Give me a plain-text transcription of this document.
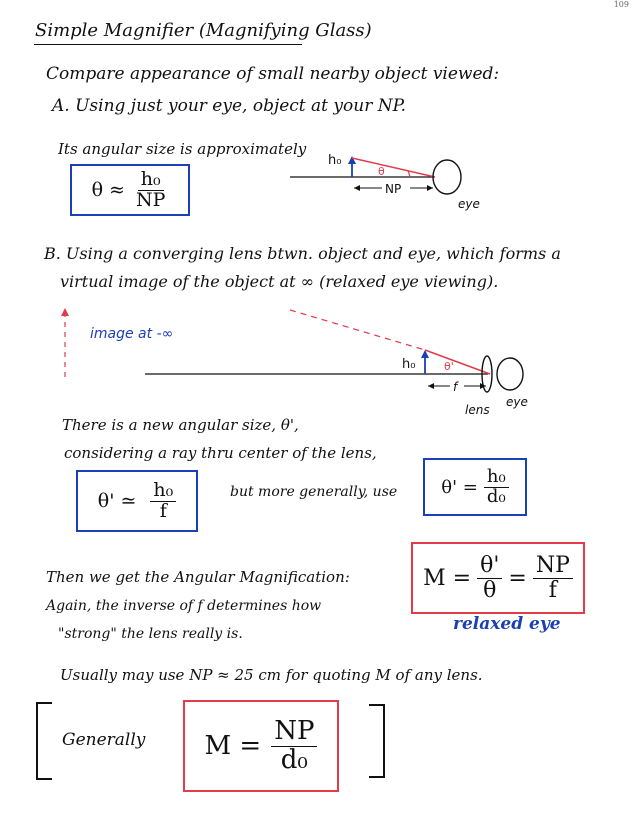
109
Simple Magnifier (Magnifying Glass)
Compare appearance of small nearby object viewed:
A. Using just your eye, object at your NP.
Its angular size is approximately
$\theta \approx \frac{\text{h₀}}{NP}$	θ
h₀
NP
eye
B. Using a converging lens btwn. object and eye, which forms a
virtual image of the object at ∞ (relaxed eye viewing).
image at -∞
h₀	θ'
f
lens
eye
There is a new angular size, θ',
considering a ray thru center of the lens,
θ' ≃ $\frac{\text{h₀}}{f}$	but more generally, use $\theta' = \frac{\text{h₀}}{\text{d₀}}$
Then we get the Angular Magnification:
Again, the inverse of f determines how
"strong" the lens really is.
$M = \frac{\theta'}{\theta} = \frac{NP}{f}$
relaxed eye
Usually may use NP ≈ 25 cm for quoting M of any lens.
Generally $M = \frac{NP}{\text{d₀}}$
